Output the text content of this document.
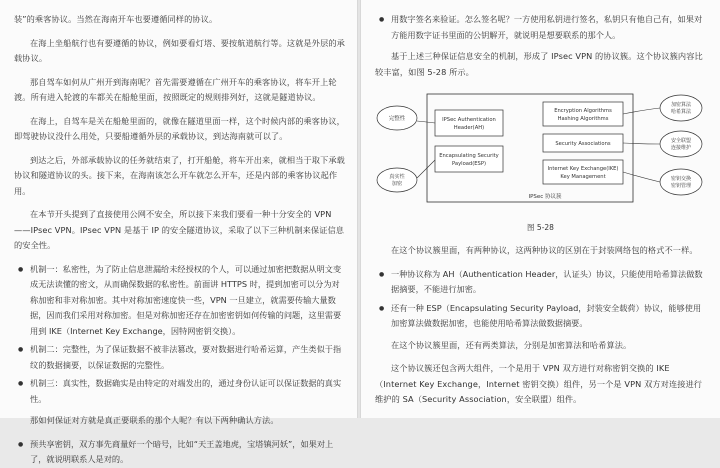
装”的乘客协议。当然在海南开车也要遵循同样的协议。

在海上坐船航行也有要遵循的协议，例如要看灯塔、要按航道航行等。这就是外层的承载协议。

那自驾车如何从广州开到海南呢？首先需要遵循在广州开车的乘客协议，将车开上轮渡。所有进入轮渡的车都关在船舱里面，按照既定的规则排列好，这就是隧道协议。

在海上，自驾车是关在船舱里面的，就像在隧道里面一样，这个时候内部的乘客协议，即驾驶协议没什么用处，只要船遵循外层的承载协议，到达海南就可以了。

到达之后，外部承载协议的任务就结束了，打开船舱，将车开出来，就相当于取下承载协议和隧道协议的头。接下来，在海南该怎么开车就怎么开车，还是内部的乘客协议起作用。

在本节开头提到了直接使用公网不安全，所以接下来我们要看一种十分安全的 VPN——IPsec VPN。IPsec VPN 是基于 IP 的安全隧道协议，采取了以下三种机制来保证信息的安全性。

● 机制一：私密性，为了防止信息泄漏给未经授权的个人，可以通过加密把数据从明文变成无法读懂的密文，从而确保数据的私密性。前面讲 HTTPS 时，提到加密可以分为对称加密和非对称加密。其中对称加密速度快一些，VPN 一旦建立，就需要传输大量数据，因而我们采用对称加密。但是对称加密还存在加密密钥如何传输的问题，这里需要用到 IKE（Internet Key Exchange，因特网密钥交换）。
● 机制二：完整性，为了保证数据不被非法篡改，要对数据进行哈希运算，产生类似于指纹的数据摘要，以保证数据的完整性。
● 机制三：真实性，数据确实是由特定的对端发出的，通过身份认证可以保证数据的真实性。

那如何保证对方就是真正要联系的那个人呢？有以下两种确认方法。

● 预共享密钥，双方事先商量好一个暗号，比如“天王盖地虎，宝塔镇河妖”，如果对上了，就说明联系人是对的。
● 用数字签名来验证。怎么签名呢？一方使用私钥进行签名，私钥只有他自己有，如果对方能用数字证书里面的公钥解开，就说明是想要联系的那个人。

基于上述三种保证信息安全的机制，形成了 IPsec VPN 的协议簇。这个协议簇内容比较丰富，如图 5-28 所示。

IPSec 协议簇
IPSec Authentication
Header(AH)
Encapsulating Security
Payload(ESP)
Encryption Algorithms
Hashing Algorithms
Security Associations
Internet Key Exchange(IKE)
Key Management
完整性
真实性
加密
加密算法
哈希算法
安全联盟
连接维护
密钥交换
密钥管理
图 5-28

在这个协议簇里面，有两种协议，这两种协议的区别在于封装网络包的格式不一样。

● 一种协议称为 AH（Authentication Header，认证头）协议，只能使用哈希算法做数据摘要，不能进行加密。
● 还有一种 ESP（Encapsulating Security Payload，封装安全载荷）协议，能够使用加密算法做数据加密，也能使用哈希算法做数据摘要。

在这个协议簇里面，还有两类算法，分别是加密算法和哈希算法。

这个协议簇还包含两大组件，一个是用于 VPN 双方进行对称密钥交换的 IKE（Internet Key Exchange，Internet 密钥交换）组件，另一个是 VPN 双方对连接进行维护的 SA（Security Association，安全联盟）组件。
